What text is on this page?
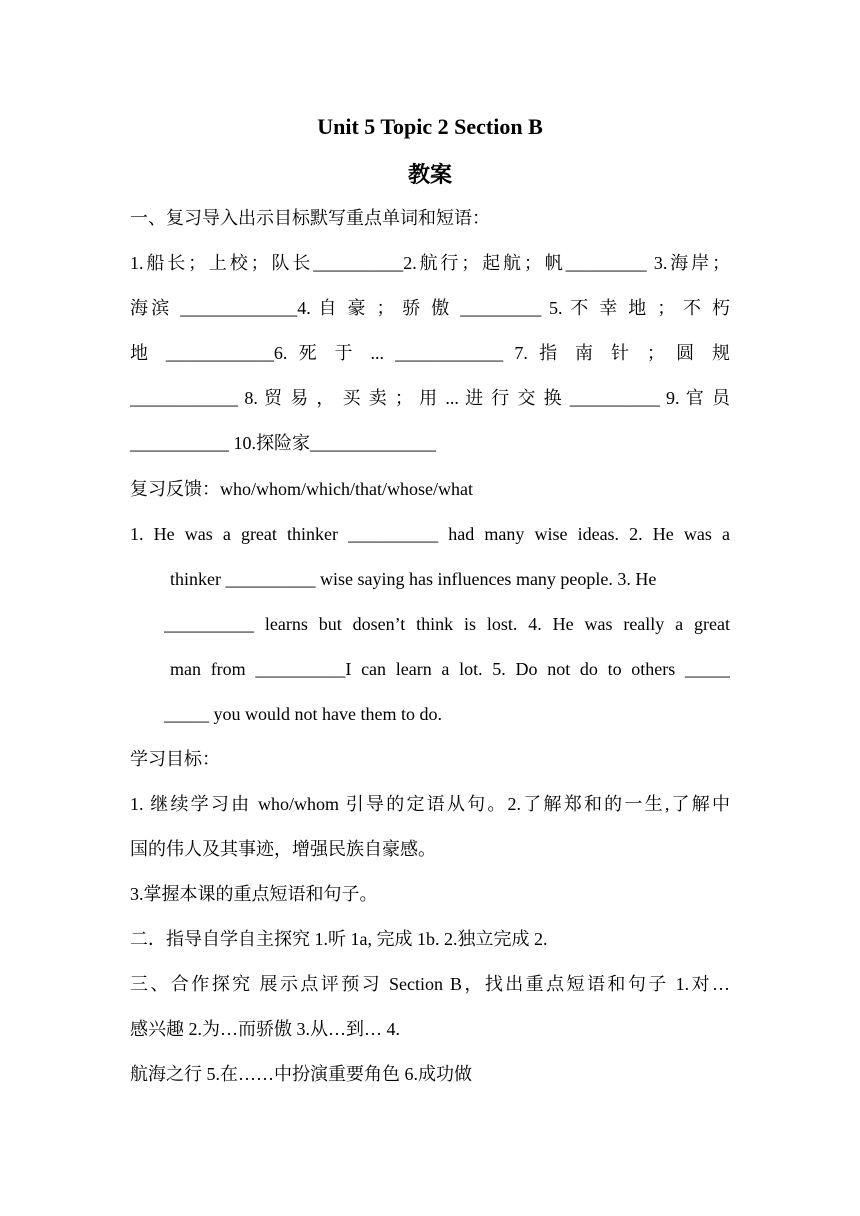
Unit 5 Topic 2 Section B
教案
一、复习导入出示目标默写重点单词和短语：
1.船长；上校；队长__________2.航行；起航；帆_________ 3.海岸；
海滨 _____________4. 自 豪 ； 骄 傲 _________ 5. 不 幸 地 ； 不 朽
地 ____________6. 死 于 ... ____________ 7. 指 南 针 ； 圆 规
____________ 8. 贸 易 ， 买 卖 ； 用 ... 进 行 交 换 __________ 9. 官 员
___________ 10.探险家______________
复习反馈：who/whom/which/that/whose/what
1. He was a great thinker __________ had many wise ideas. 2. He was a
thinker __________ wise saying has influences many people. 3. He
__________ learns but dosen’t think is lost. 4. He was really a great
man from __________I can learn a lot. 5. Do not do to others _____
_____ you would not have them to do.
学习目标：
1. 继续学习由 who/whom 引导的定语从句。2.了解郑和的一生,了解中
国的伟人及其事迹，增强民族自豪感。
3.掌握本课的重点短语和句子。
二．指导自学自主探究 1.听 1a, 完成 1b. 2.独立完成 2.
三、合作探究 展示点评预习 Section B，找出重点短语和句子 1.对…
感兴趣 2.为…而骄傲 3.从…到… 4.
航海之行 5.在……中扮演重要角色 6.成功做
